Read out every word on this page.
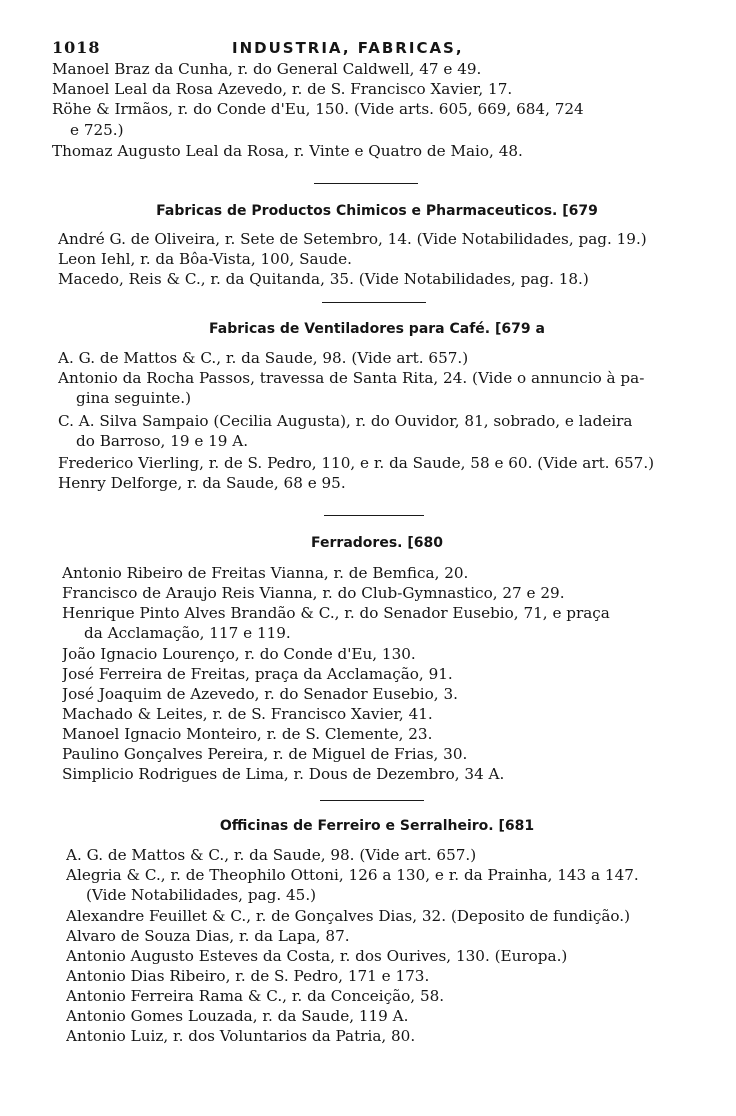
1018	INDUSTRIA, FABRICAS,
Manoel Braz da Cunha, r. do General Caldwell, 47 e 49.
Manoel Leal da Rosa Azevedo, r. de S. Francisco Xavier, 17.
Röhe & Irmãos, r. do Conde d'Eu, 150. (Vide arts. 605, 669, 684, 724
e 725.)
Thomaz Augusto Leal da Rosa, r. Vinte e Quatro de Maio, 48.
Fabricas de Productos Chimicos e Pharmaceuticos. [679
André G. de Oliveira, r. Sete de Setembro, 14. (Vide Notabilidades, pag. 19.)
Leon Iehl, r. da Bôa-Vista, 100, Saude.
Macedo, Reis & C., r. da Quitanda, 35. (Vide Notabilidades, pag. 18.)
Fabricas de Ventiladores para Café. [679 a
A. G. de Mattos & C., r. da Saude, 98. (Vide art. 657.)
Antonio da Rocha Passos, travessa de Santa Rita, 24. (Vide o annuncio à pa-
gina seguinte.)
C. A. Silva Sampaio (Cecilia Augusta), r. do Ouvidor, 81, sobrado, e ladeira
do Barroso, 19 e 19 A.
Frederico Vierling, r. de S. Pedro, 110, e r. da Saude, 58 e 60. (Vide art. 657.)
Henry Delforge, r. da Saude, 68 e 95.
Ferradores. [680
Antonio Ribeiro de Freitas Vianna, r. de Bemfica, 20.
Francisco de Araujo Reis Vianna, r. do Club-Gymnastico, 27 e 29.
Henrique Pinto Alves Brandão & C., r. do Senador Eusebio, 71, e praça
da Acclamação, 117 e 119.
João Ignacio Lourenço, r. do Conde d'Eu, 130.
José Ferreira de Freitas, praça da Acclamação, 91.
José Joaquim de Azevedo, r. do Senador Eusebio, 3.
Machado & Leites, r. de S. Francisco Xavier, 41.
Manoel Ignacio Monteiro, r. de S. Clemente, 23.
Paulino Gonçalves Pereira, r. de Miguel de Frias, 30.
Simplicio Rodrigues de Lima, r. Dous de Dezembro, 34 A.
Officinas de Ferreiro e Serralheiro. [681
A. G. de Mattos & C., r. da Saude, 98. (Vide art. 657.)
Alegria & C., r. de Theophilo Ottoni, 126 a 130, e r. da Prainha, 143 a 147.
(Vide Notabilidades, pag. 45.)
Alexandre Feuillet & C., r. de Gonçalves Dias, 32. (Deposito de fundição.)
Alvaro de Souza Dias, r. da Lapa, 87.
Antonio Augusto Esteves da Costa, r. dos Ourives, 130. (Europa.)
Antonio Dias Ribeiro, r. de S. Pedro, 171 e 173.
Antonio Ferreira Rama & C., r. da Conceição, 58.
Antonio Gomes Louzada, r. da Saude, 119 A.
Antonio Luiz, r. dos Voluntarios da Patria, 80.
